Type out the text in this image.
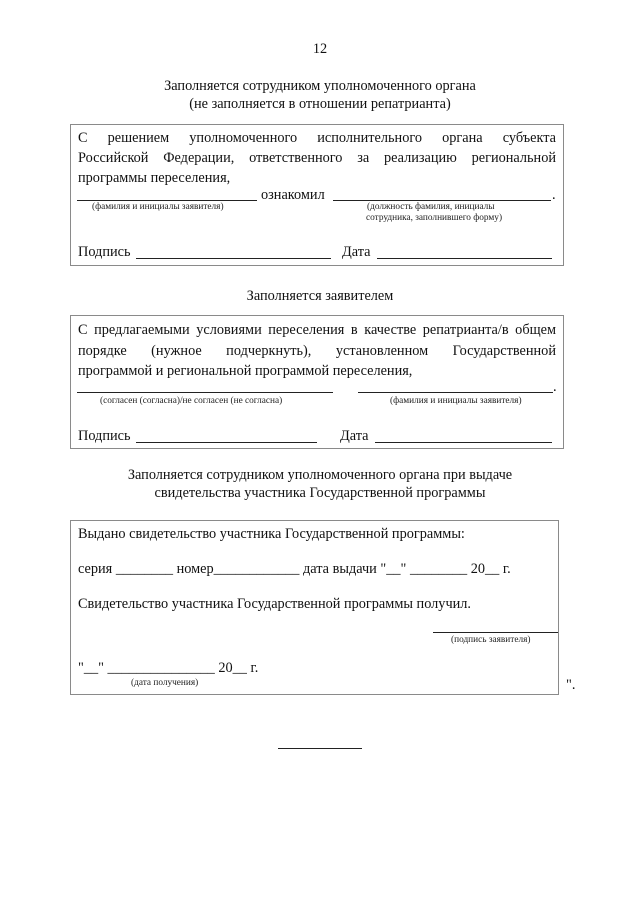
12
Заполняется сотрудником уполномоченного органа
(не заполняется в отношении репатрианта)
С решением уполномоченного исполнительного органа субъекта
Российской Федерации, ответственного за реализацию региональной
программы переселения,
ознакомил	.
(фамилия и инициалы заявителя)	(должность фамилия, инициалы
сотрудника, заполнившего форму)
Подпись	Дата
Заполняется заявителем
С предлагаемыми условиями переселения в качестве репатрианта/в общем
порядке (нужное подчеркнуть), установленном Государственной
программой и региональной программой переселения,
.
(согласен (согласна)/не согласен (не согласна)	(фамилия и инициалы заявителя)
Подпись	Дата
Заполняется сотрудником уполномоченного органа при выдаче
свидетельства участника Государственной программы
Выдано свидетельство участника Государственной программы:
серия ________ номер____________ дата выдачи "__" ________ 20__ г.
Свидетельство участника Государственной программы получил.
(подпись заявителя)
"__" _______________ 20__ г.
(дата получения)	".
